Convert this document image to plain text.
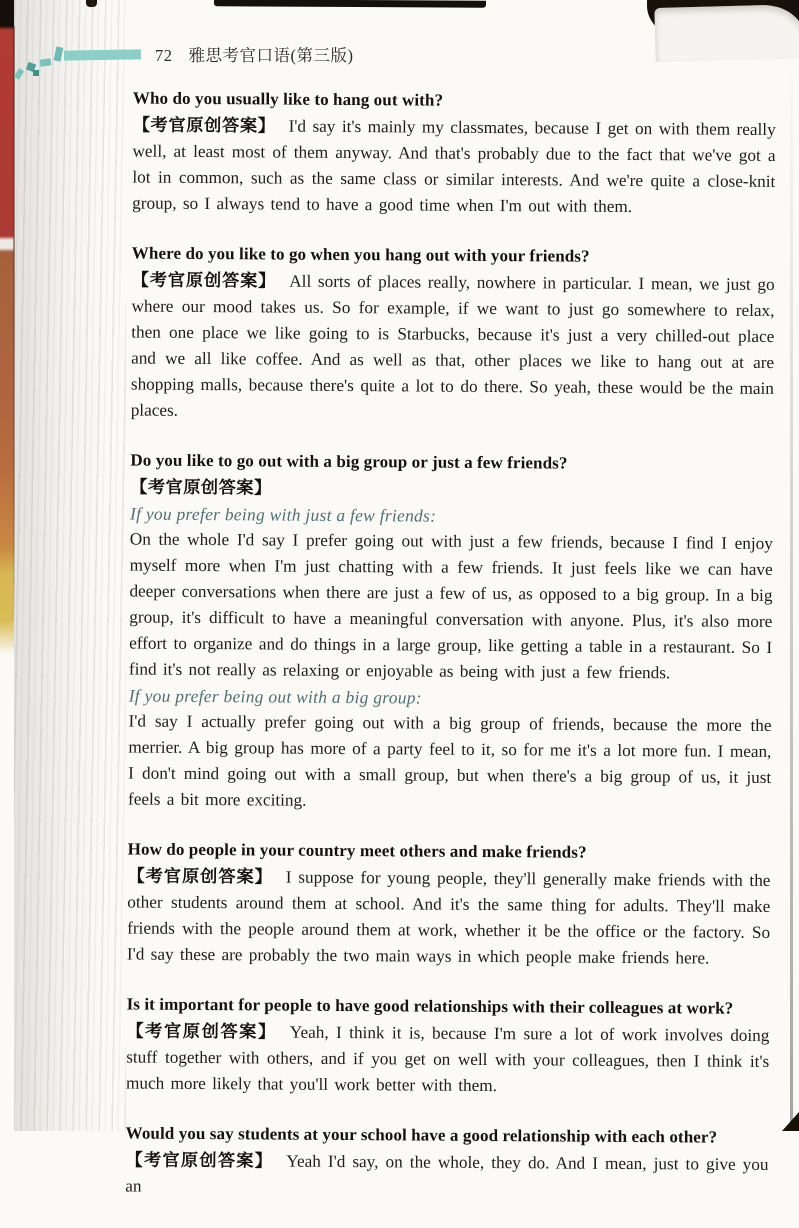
72 雅思考官口语(第三版)
Who do you usually like to hang out with?

【考官原创答案】 I'd say it's mainly my classmates, because I get on with them really well, at least most of them anyway. And that's probably due to the fact that we've got a lot in common, such as the same class or similar interests. And we're quite a close-knit group, so I always tend to have a good time when I'm out with them.

Where do you like to go when you hang out with your friends?

【考官原创答案】 All sorts of places really, nowhere in particular. I mean, we just go where our mood takes us. So for example, if we want to just go somewhere to relax, then one place we like going to is Starbucks, because it's just a very chilled-out place and we all like coffee. And as well as that, other places we like to hang out at are shopping malls, because there's quite a lot to do there. So yeah, these would be the main places.

Do you like to go out with a big group or just a few friends?

【考官原创答案】

If you prefer being with just a few friends:

On the whole I'd say I prefer going out with just a few friends, because I find I enjoy myself more when I'm just chatting with a few friends. It just feels like we can have deeper conversations when there are just a few of us, as opposed to a big group. In a big group, it's difficult to have a meaningful conversation with anyone. Plus, it's also more effort to organize and do things in a large group, like getting a table in a restaurant. So I find it's not really as relaxing or enjoyable as being with just a few friends.

If you prefer being out with a big group:

I'd say I actually prefer going out with a big group of friends, because the more the merrier. A big group has more of a party feel to it, so for me it's a lot more fun. I mean, I don't mind going out with a small group, but when there's a big group of us, it just feels a bit more exciting.

How do people in your country meet others and make friends?

【考官原创答案】 I suppose for young people, they'll generally make friends with the other students around them at school. And it's the same thing for adults. They'll make friends with the people around them at work, whether it be the office or the factory. So I'd say these are probably the two main ways in which people make friends here.

Is it important for people to have good relationships with their colleagues at work?

【考官原创答案】 Yeah, I think it is, because I'm sure a lot of work involves doing stuff together with others, and if you get on well with your colleagues, then I think it's much more likely that you'll work better with them.

Would you say students at your school have a good relationship with each other?

【考官原创答案】 Yeah I'd say, on the whole, they do. And I mean, just to give you an
